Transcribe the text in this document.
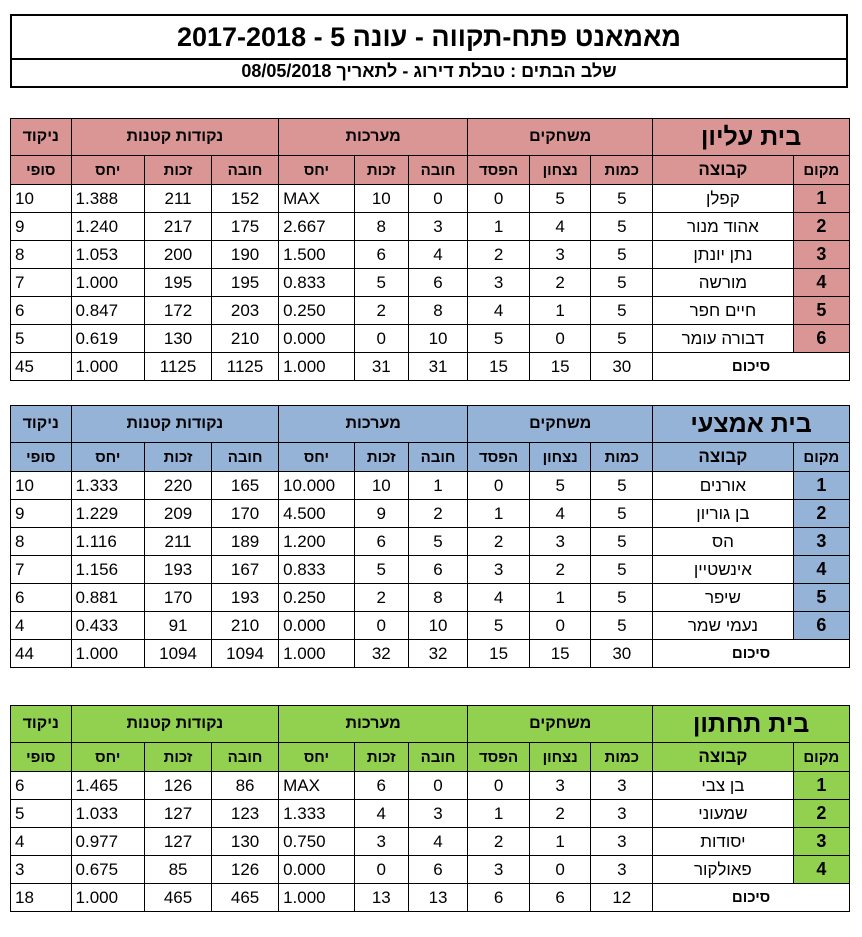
מאמאנט פתח-תקווה - עונה 5 - 2017-2018
שלב הבתים : טבלת דירוג - לתאריך 08/05/2018
ניקוד	נקודות קטנות			מערכות			משחקים			בית עליון	
סופי	יחס	זכות	חובה	יחס	זכות	חובה	הפסד	נצחון	כמות	קבוצה	מקום
10	1.388	211	152	MAX	10	0	0	5	5	קפלן	1
9	1.240	217	175	2.667	8	3	1	4	5	אהוד מנור	2
8	1.053	200	190	1.500	6	4	2	3	5	נתן יונתן	3
7	1.000	195	195	0.833	5	6	3	2	5	מורשה	4
6	0.847	172	203	0.250	2	8	4	1	5	חיים חפר	5
5	0.619	130	210	0.000	0	10	5	0	5	דבורה עומר	6
45	1.000	1125	1125	1.000	31	31	15	15	30	סיכום	
ניקוד	נקודות קטנות			מערכות			משחקים			בית אמצעי	
סופי	יחס	זכות	חובה	יחס	זכות	חובה	הפסד	נצחון	כמות	קבוצה	מקום
10	1.333	220	165	10.000	10	1	0	5	5	אורנים	1
9	1.229	209	170	4.500	9	2	1	4	5	בן גוריון	2
8	1.116	211	189	1.200	6	5	2	3	5	הס	3
7	1.156	193	167	0.833	5	6	3	2	5	אינשטיין	4
6	0.881	170	193	0.250	2	8	4	1	5	שיפר	5
4	0.433	91	210	0.000	0	10	5	0	5	נעמי שמר	6
44	1.000	1094	1094	1.000	32	32	15	15	30	סיכום	
ניקוד	נקודות קטנות			מערכות			משחקים			בית תחתון	
סופי	יחס	זכות	חובה	יחס	זכות	חובה	הפסד	נצחון	כמות	קבוצה	מקום
6	1.465	126	86	MAX	6	0	0	3	3	בן צבי	1
5	1.033	127	123	1.333	4	3	1	2	3	שמעוני	2
4	0.977	127	130	0.750	3	4	2	1	3	יסודות	3
3	0.675	85	126	0.000	0	6	3	0	3	פאולקור	4
18	1.000	465	465	1.000	13	13	6	6	12	סיכום	
